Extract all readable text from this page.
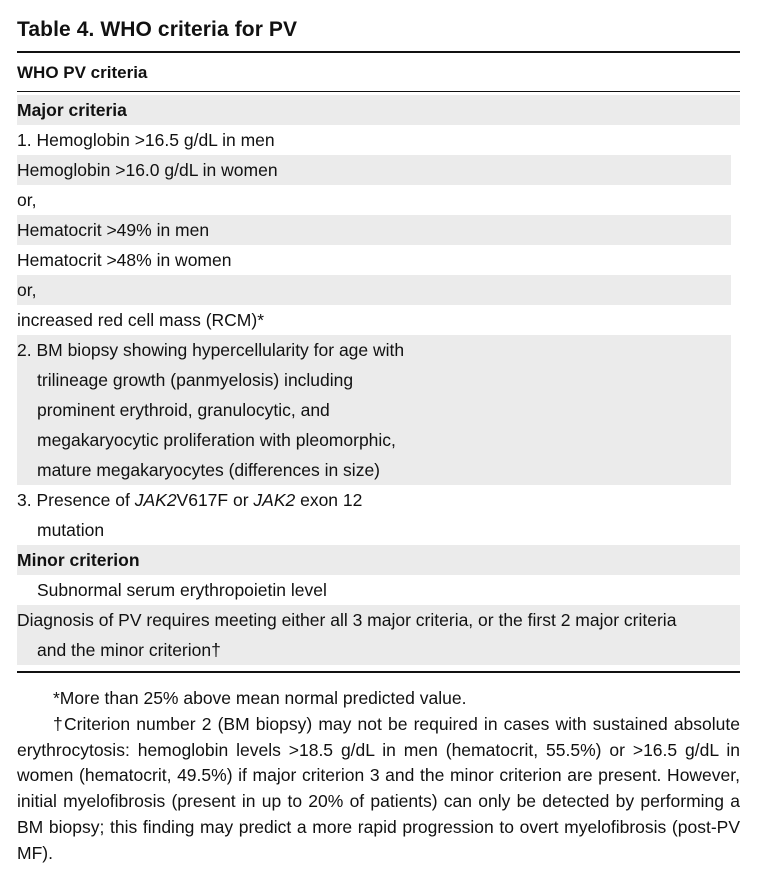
Table 4. WHO criteria for PV
WHO PV criteria
Major criteria
1. Hemoglobin >16.5 g/dL in men
Hemoglobin >16.0 g/dL in women
or,
Hematocrit >49% in men
Hematocrit >48% in women
or,
increased red cell mass (RCM)*
2. BM biopsy showing hypercellularity for age with
trilineage growth (panmyelosis) including
prominent erythroid, granulocytic, and
megakaryocytic proliferation with pleomorphic,
mature megakaryocytes (differences in size)
3. Presence of JAK2V617F or JAK2 exon 12
mutation
Minor criterion
Subnormal serum erythropoietin level
Diagnosis of PV requires meeting either all 3 major criteria, or the first 2 major criteria
and the minor criterion†

*More than 25% above mean normal predicted value.

†Criterion number 2 (BM biopsy) may not be required in cases with sustained absolute erythrocytosis: hemoglobin levels >18.5 g/dL in men (hematocrit, 55.5%) or >16.5 g/dL in women (hematocrit, 49.5%) if major criterion 3 and the minor criterion are present. However, initial myelofibrosis (present in up to 20% of patients) can only be detected by performing a BM biopsy; this finding may predict a more rapid progression to overt myelofibrosis (post-PV MF).
